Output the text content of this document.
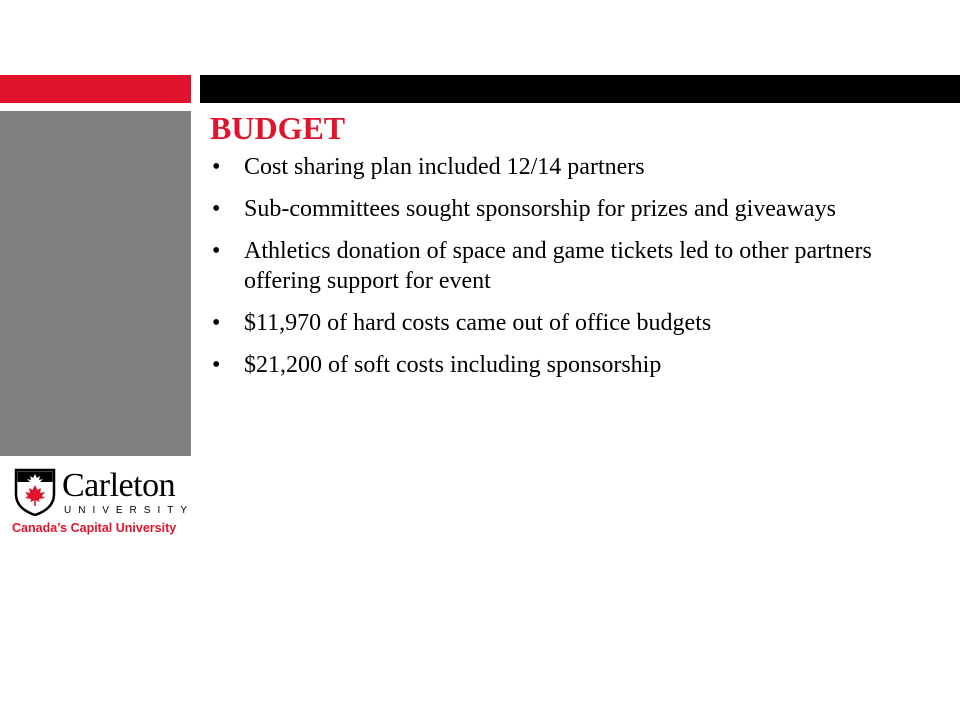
BUDGET
• Cost sharing plan included 12/14 partners
• Sub-committees sought sponsorship for prizes and giveaways
• Athletics donation of space and game tickets led to other partners offering support for event
• $11,970 of hard costs came out of office budgets
• $21,200 of soft costs including sponsorship
Carleton
UNIVERSITY
Canada’s Capital University
